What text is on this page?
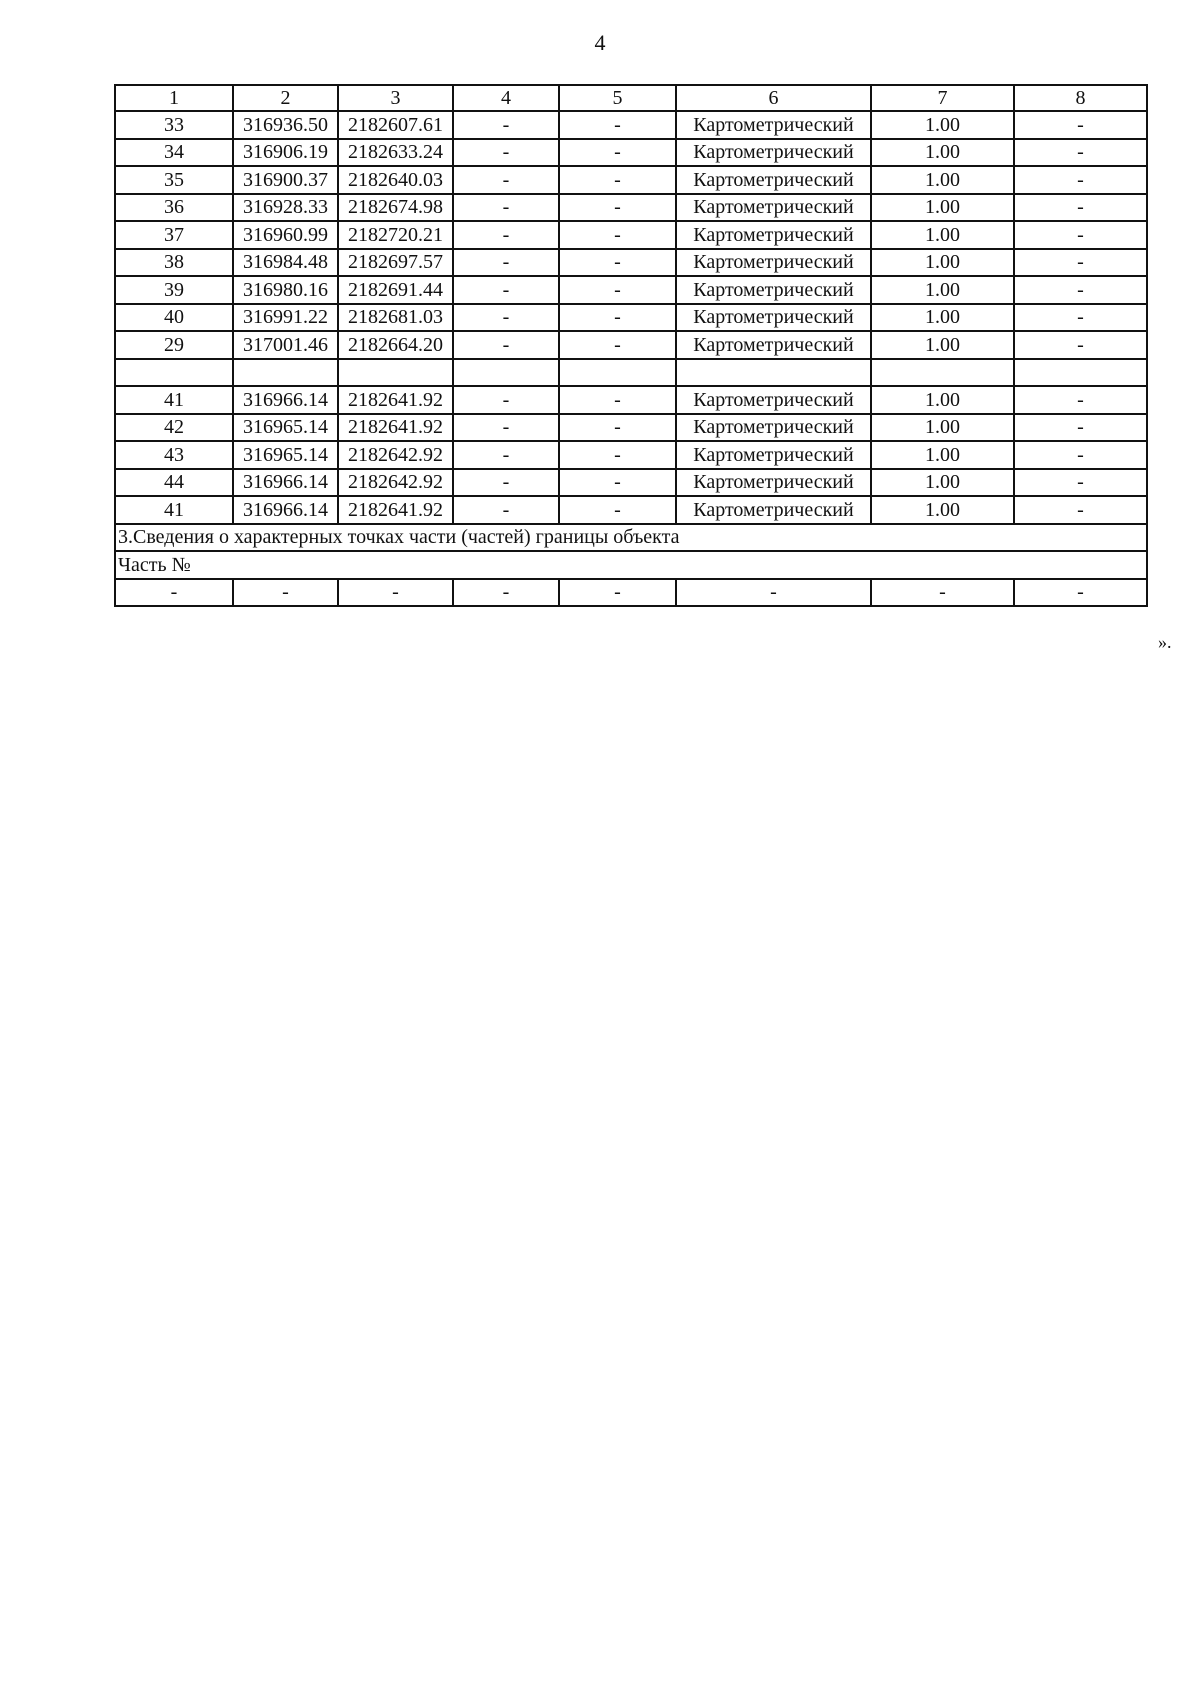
4
1	2	3	4	5	6	7	8
33	316936.50	2182607.61	-	-	Картометрический	1.00	-
34	316906.19	2182633.24	-	-	Картометрический	1.00	-
35	316900.37	2182640.03	-	-	Картометрический	1.00	-
36	316928.33	2182674.98	-	-	Картометрический	1.00	-
37	316960.99	2182720.21	-	-	Картометрический	1.00	-
38	316984.48	2182697.57	-	-	Картометрический	1.00	-
39	316980.16	2182691.44	-	-	Картометрический	1.00	-
40	316991.22	2182681.03	-	-	Картометрический	1.00	-
29	317001.46	2182664.20	-	-	Картометрический	1.00	-

41	316966.14	2182641.92	-	-	Картометрический	1.00	-
42	316965.14	2182641.92	-	-	Картометрический	1.00	-
43	316965.14	2182642.92	-	-	Картометрический	1.00	-
44	316966.14	2182642.92	-	-	Картометрический	1.00	-
41	316966.14	2182641.92	-	-	Картометрический	1.00	-
3.Сведения о характерных точках части (частей) границы объекта							
Часть №							
-	-	-	-	-	-	-	-
».
